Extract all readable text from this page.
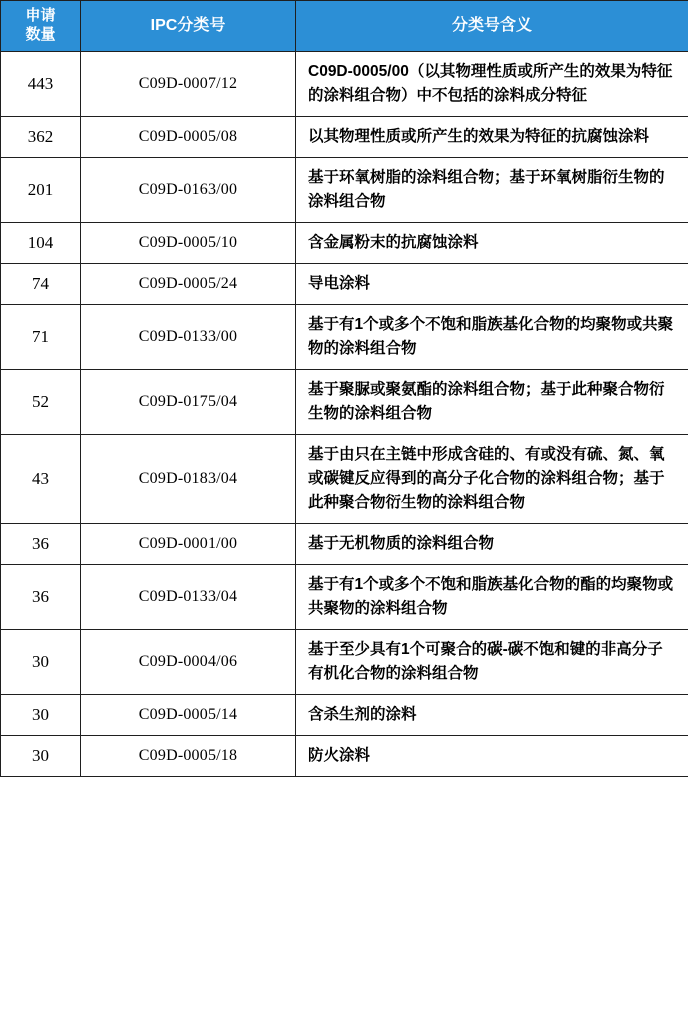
申请
数量	IPC分类号	分类号含义
443	C09D-0007/12	C09D-0005/00（以其物理性质或所产生的效果为特征的涂料组合物）中不包括的涂料成分特征
362	C09D-0005/08	以其物理性质或所产生的效果为特征的抗腐蚀涂料
201	C09D-0163/00	基于环氧树脂的涂料组合物；基于环氧树脂衍生物的涂料组合物
104	C09D-0005/10	含金属粉末的抗腐蚀涂料
74	C09D-0005/24	导电涂料
71	C09D-0133/00	基于有1个或多个不饱和脂族基化合物的均聚物或共聚物的涂料组合物
52	C09D-0175/04	基于聚脲或聚氨酯的涂料组合物；基于此种聚合物衍生物的涂料组合物
43	C09D-0183/04	基于由只在主链中形成含硅的、有或没有硫、氮、氧或碳键反应得到的高分子化合物的涂料组合物；基于此种聚合物衍生物的涂料组合物
36	C09D-0001/00	基于无机物质的涂料组合物
36	C09D-0133/04	基于有1个或多个不饱和脂族基化合物的酯的均聚物或共聚物的涂料组合物
30	C09D-0004/06	基于至少具有1个可聚合的碳-碳不饱和键的非高分子有机化合物的涂料组合物
30	C09D-0005/14	含杀生剂的涂料
30	C09D-0005/18	防火涂料
